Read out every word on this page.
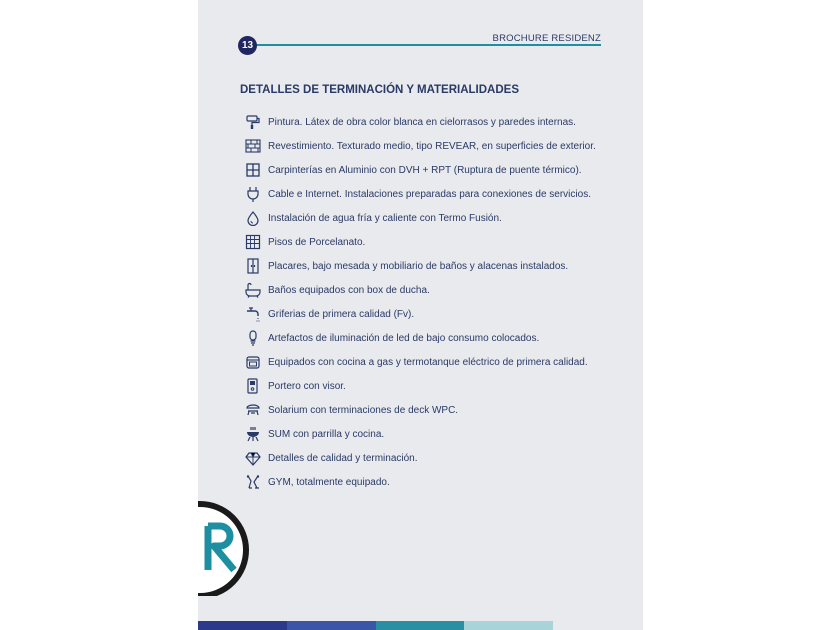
13
BROCHURE RESIDENZ
DETALLES DE TERMINACIÓN Y MATERIALIDADES
Pintura. Látex de obra color blanca en cielorrasos y paredes internas.
Revestimiento. Texturado medio, tipo REVEAR, en superficies de exterior.
Carpinterías en Aluminio con DVH + RPT (Ruptura de puente térmico).
Cable e Internet. Instalaciones preparadas para conexiones de servicios.
Instalación de agua fría y caliente con Termo Fusión.
Pisos de Porcelanato.
Placares, bajo mesada y mobiliario de baños y alacenas instalados.
Baños equipados con box de ducha.
Griferias de primera calidad (Fv).
Artefactos de iluminación de led de bajo consumo colocados.
Equipados con cocina a gas y termotanque eléctrico de primera calidad.
Portero con visor.
Solarium con terminaciones de deck WPC.
SUM con parrilla y cocina.
Detalles de calidad y terminación.
GYM, totalmente equipado.
